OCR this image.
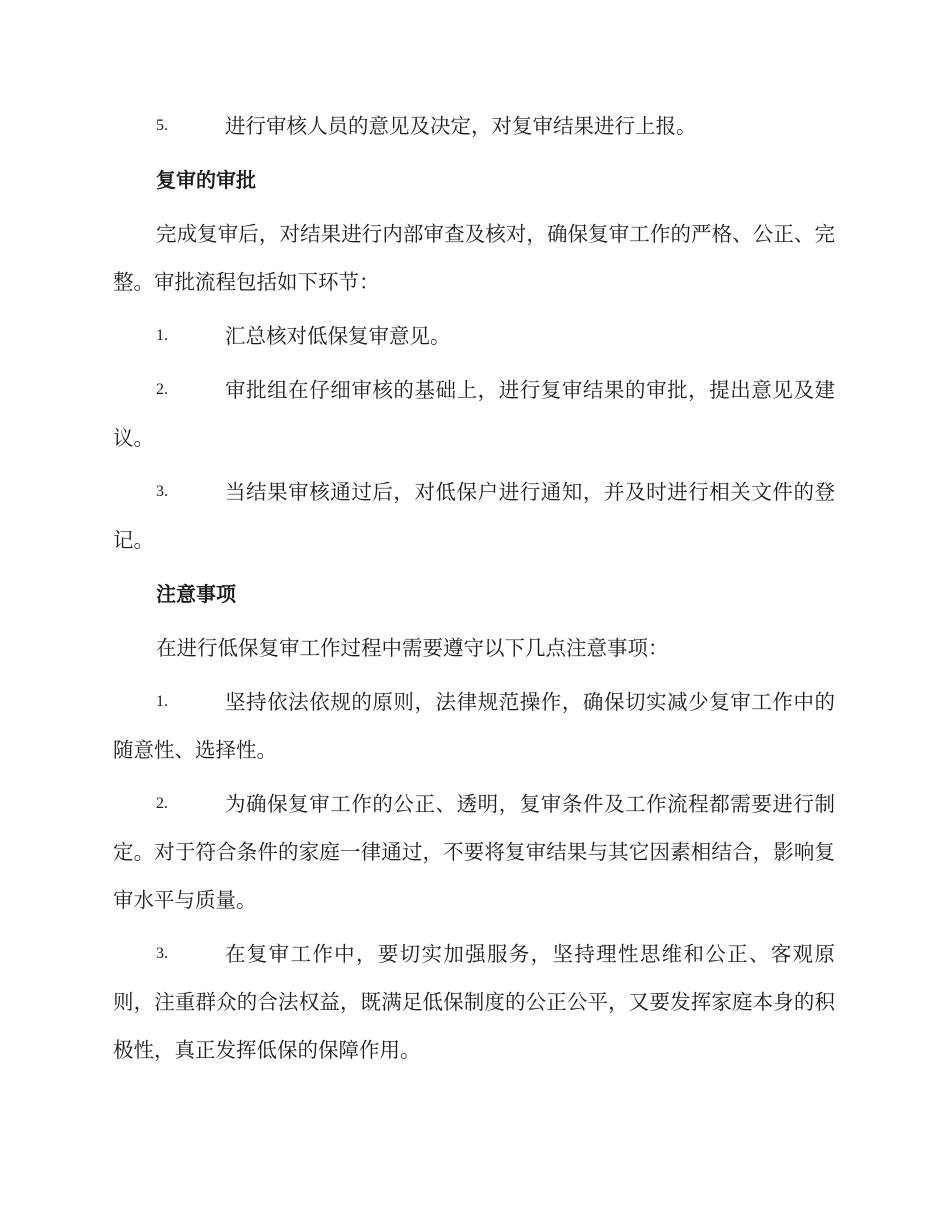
5.	进行审核人员的意见及决定，对复审结果进行上报。
复审的审批
完成复审后，对结果进行内部审查及核对，确保复审工作的严格、公正、完整。审批流程包括如下环节：
1.	汇总核对低保复审意见。
2.	审批组在仔细审核的基础上，进行复审结果的审批，提出意见及建议。
3.	当结果审核通过后，对低保户进行通知，并及时进行相关文件的登记。
注意事项
在进行低保复审工作过程中需要遵守以下几点注意事项：
1.	坚持依法依规的原则，法律规范操作，确保切实减少复审工作中的随意性、选择性。
2.	为确保复审工作的公正、透明，复审条件及工作流程都需要进行制定。对于符合条件的家庭一律通过，不要将复审结果与其它因素相结合，影响复审水平与质量。
3.	在复审工作中，要切实加强服务，坚持理性思维和公正、客观原则，注重群众的合法权益，既满足低保制度的公正公平，又要发挥家庭本身的积极性，真正发挥低保的保障作用。
